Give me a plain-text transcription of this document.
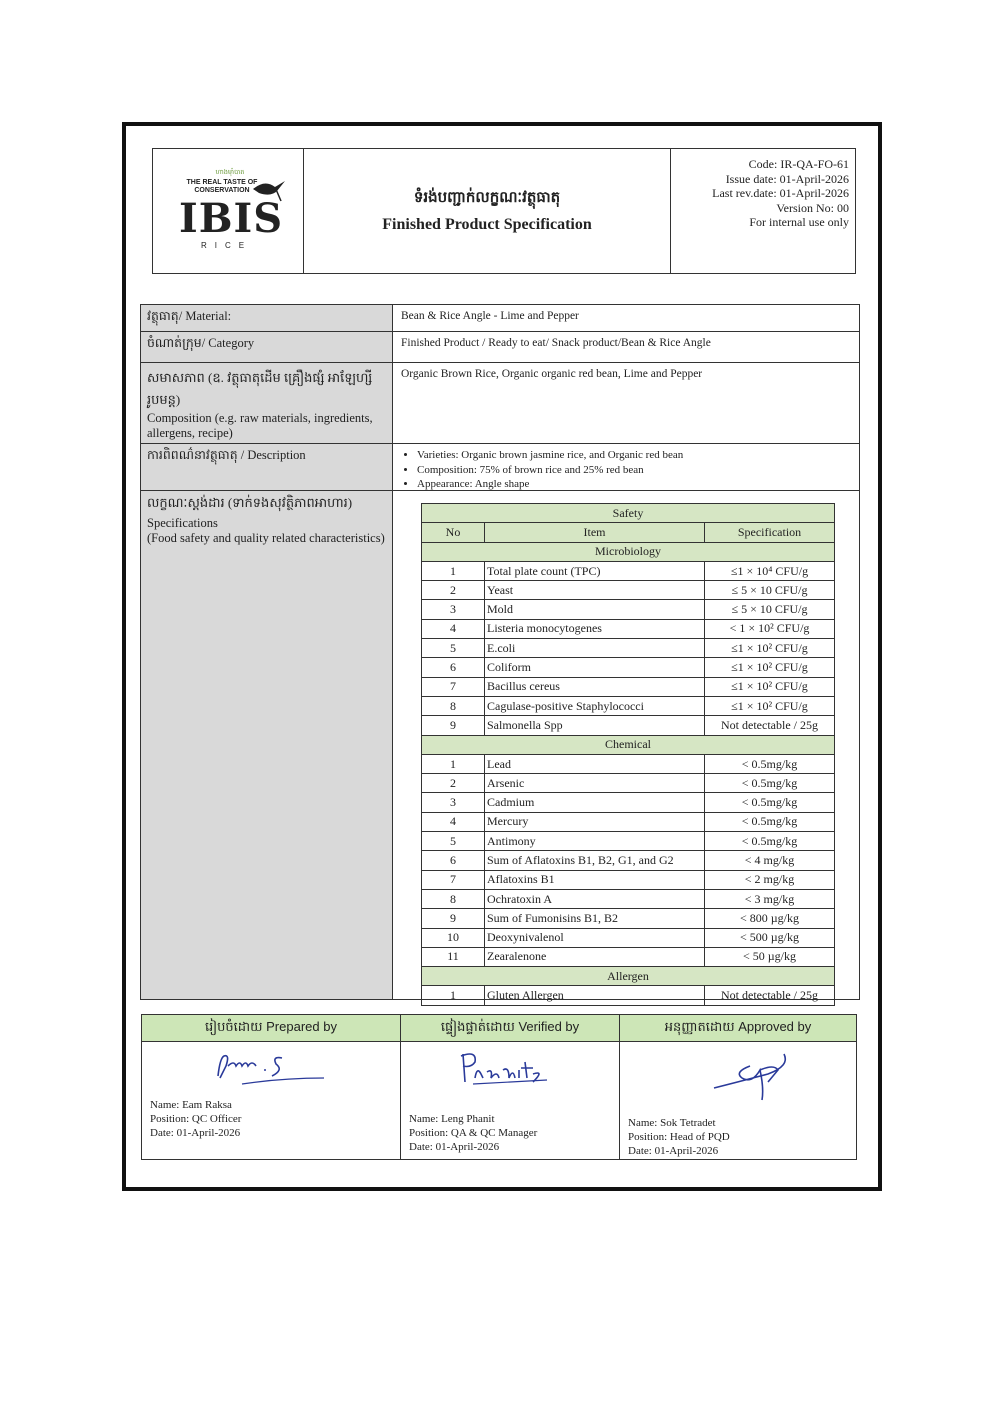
ហាងម៉ាំបាត
THE REAL TASTE OF CONSERVATION
IBIS
RICE
ទំរង់បញ្ជាក់លក្ខណៈវត្ថុធាតុ
Finished Product Specification
Code: IR-QA-FO-61
Issue date: 01-April-2026
Last rev.date: 01-April-2026
Version No: 00
For internal use only
វត្ថុធាតុ/ Material:	Bean & Rice Angle - Lime and Pepper
ចំណាត់ក្រុម/ Category	Finished Product / Ready to eat/ Snack product/Bean & Rice Angle
សមាសភាព (ឧ. វត្ថុធាតុដើម គ្រឿងផ្សំ អាឡែហ្សី រូបមន្ត)
Composition (e.g. raw materials, ingredients, allergens, recipe)
Organic Brown Rice, Organic organic red bean, Lime and Pepper
ការពិពណ៌នាវត្ថុធាតុ / Description	• Varieties: Organic brown jasmine rice, and Organic red bean
• Composition: 75% of brown rice and 25% red bean
• Appearance: Angle shape
លក្ខណៈស្តង់ដារ (ទាក់ទងសុវត្ថិភាពអាហារ)
Specifications
(Food safety and quality related characteristics)
Safety		
No	Item	Specification
Microbiology		
1	Total plate count (TPC)	≤1 × 10⁴ CFU/g
2	Yeast	≤ 5 × 10 CFU/g
3	Mold	≤ 5 × 10 CFU/g
4	Listeria monocytogenes	< 1 × 10² CFU/g
5	E.coli	≤1 × 10² CFU/g
6	Coliform	≤1 × 10² CFU/g
7	Bacillus cereus	≤1 × 10² CFU/g
8	Cagulase-positive Staphylococci	≤1 × 10² CFU/g
9	Salmonella Spp	Not detectable / 25g
Chemical		
1	Lead	< 0.5mg/kg
2	Arsenic	< 0.5mg/kg
3	Cadmium	< 0.5mg/kg
4	Mercury	< 0.5mg/kg
5	Antimony	< 0.5mg/kg
6	Sum of Aflatoxins B1, B2, G1, and G2	< 4 mg/kg
7	Aflatoxins B1	< 2 mg/kg
8	Ochratoxin A	< 3 mg/kg
9	Sum of Fumonisins B1, B2	< 800 µg/kg
10	Deoxynivalenol	< 500 µg/kg
11	Zearalenone	< 50 µg/kg
Allergen		
1	Gluten Allergen	Not detectable / 25g
រៀបចំដោយ Prepared by	ផ្ទៀងផ្ទាត់ដោយ Verified by	អនុញ្ញាតដោយ Approved by
Name: Eam Raksa
Position: QC Officer
Date: 01-April-2026
Name: Leng Phanit
Position: QA & QC Manager
Date: 01-April-2026
Name: Sok Tetradet
Position: Head of PQD
Date: 01-April-2026
